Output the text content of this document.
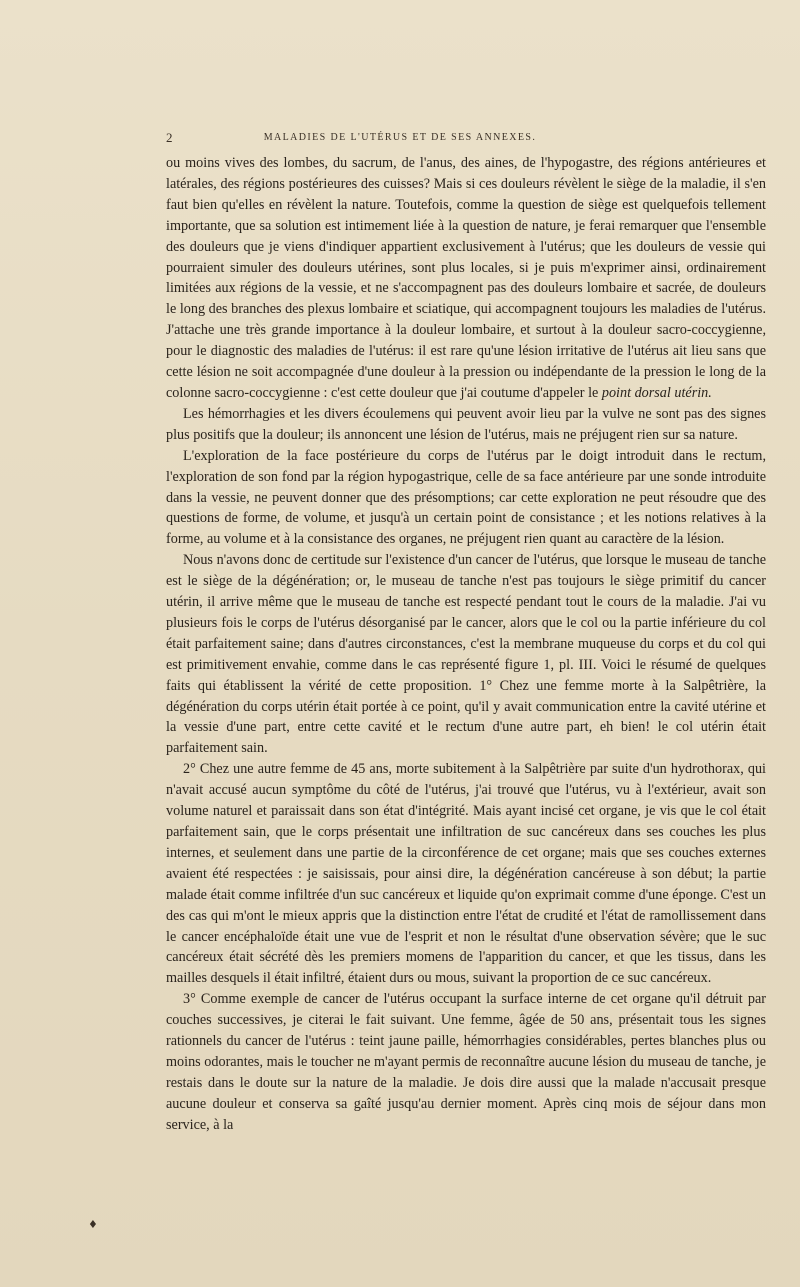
2	MALADIES DE L'UTÉRUS ET DE SES ANNEXES.

ou moins vives des lombes, du sacrum, de l'anus, des aines, de l'hypogastre, des régions antérieures et latérales, des régions postérieures des cuisses? Mais si ces douleurs révèlent le siège de la maladie, il s'en faut bien qu'elles en révèlent la nature. Toutefois, comme la question de siège est quelquefois tellement importante, que sa solution est intimement liée à la question de nature, je ferai remarquer que l'ensemble des douleurs que je viens d'indiquer appartient exclusivement à l'utérus; que les douleurs de vessie qui pourraient simuler des douleurs utérines, sont plus locales, si je puis m'exprimer ainsi, ordinairement limitées aux régions de la vessie, et ne s'accompagnent pas des douleurs lombaire et sacrée, de douleurs le long des branches des plexus lombaire et sciatique, qui accompagnent toujours les maladies de l'utérus. J'attache une très grande importance à la douleur lombaire, et surtout à la douleur sacro-coccygienne, pour le diagnostic des maladies de l'utérus: il est rare qu'une lésion irritative de l'utérus ait lieu sans que cette lésion ne soit accompagnée d'une douleur à la pression ou indépendante de la pression le long de la colonne sacro-coccygienne : c'est cette douleur que j'ai coutume d'appeler le point dorsal utérin.

Les hémorrhagies et les divers écoulemens qui peuvent avoir lieu par la vulve ne sont pas des signes plus positifs que la douleur; ils annoncent une lésion de l'utérus, mais ne préjugent rien sur sa nature.

L'exploration de la face postérieure du corps de l'utérus par le doigt introduit dans le rectum, l'exploration de son fond par la région hypogastrique, celle de sa face antérieure par une sonde introduite dans la vessie, ne peuvent donner que des présomptions; car cette exploration ne peut résoudre que des questions de forme, de volume, et jusqu'à un certain point de consistance ; et les notions relatives à la forme, au volume et à la consistance des organes, ne préjugent rien quant au caractère de la lésion.

Nous n'avons donc de certitude sur l'existence d'un cancer de l'utérus, que lorsque le museau de tanche est le siège de la dégénération; or, le museau de tanche n'est pas toujours le siège primitif du cancer utérin, il arrive même que le museau de tanche est respecté pendant tout le cours de la maladie. J'ai vu plusieurs fois le corps de l'utérus désorganisé par le cancer, alors que le col ou la partie inférieure du col était parfaitement saine; dans d'autres circonstances, c'est la membrane muqueuse du corps et du col qui est primitivement envahie, comme dans le cas représenté figure 1, pl. III. Voici le résumé de quelques faits qui établissent la vérité de cette proposition. 1° Chez une femme morte à la Salpêtrière, la dégénération du corps utérin était portée à ce point, qu'il y avait communication entre la cavité utérine et la vessie d'une part, entre cette cavité et le rectum d'une autre part, eh bien! le col utérin était parfaitement sain.

2° Chez une autre femme de 45 ans, morte subitement à la Salpêtrière par suite d'un hydrothorax, qui n'avait accusé aucun symptôme du côté de l'utérus, j'ai trouvé que l'utérus, vu à l'extérieur, avait son volume naturel et paraissait dans son état d'intégrité. Mais ayant incisé cet organe, je vis que le col était parfaitement sain, que le corps présentait une infiltration de suc cancéreux dans ses couches les plus internes, et seulement dans une partie de la circonférence de cet organe; mais que ses couches externes avaient été respectées : je saisissais, pour ainsi dire, la dégénération cancéreuse à son début; la partie malade était comme infiltrée d'un suc cancéreux et liquide qu'on exprimait comme d'une éponge. C'est un des cas qui m'ont le mieux appris que la distinction entre l'état de crudité et l'état de ramollissement dans le cancer encéphaloïde était une vue de l'esprit et non le résultat d'une observation sévère; que le suc cancéreux était sécrété dès les premiers momens de l'apparition du cancer, et que les tissus, dans les mailles desquels il était infiltré, étaient durs ou mous, suivant la proportion de ce suc cancéreux.

3° Comme exemple de cancer de l'utérus occupant la surface interne de cet organe qu'il détruit par couches successives, je citerai le fait suivant. Une femme, âgée de 50 ans, présentait tous les signes rationnels du cancer de l'utérus : teint jaune paille, hémorrhagies considérables, pertes blanches plus ou moins odorantes, mais le toucher ne m'ayant permis de reconnaître aucune lésion du museau de tanche, je restais dans le doute sur la nature de la maladie. Je dois dire aussi que la malade n'accusait presque aucune douleur et conserva sa gaîté jusqu'au dernier moment. Après cinq mois de séjour dans mon service, à la

♦
